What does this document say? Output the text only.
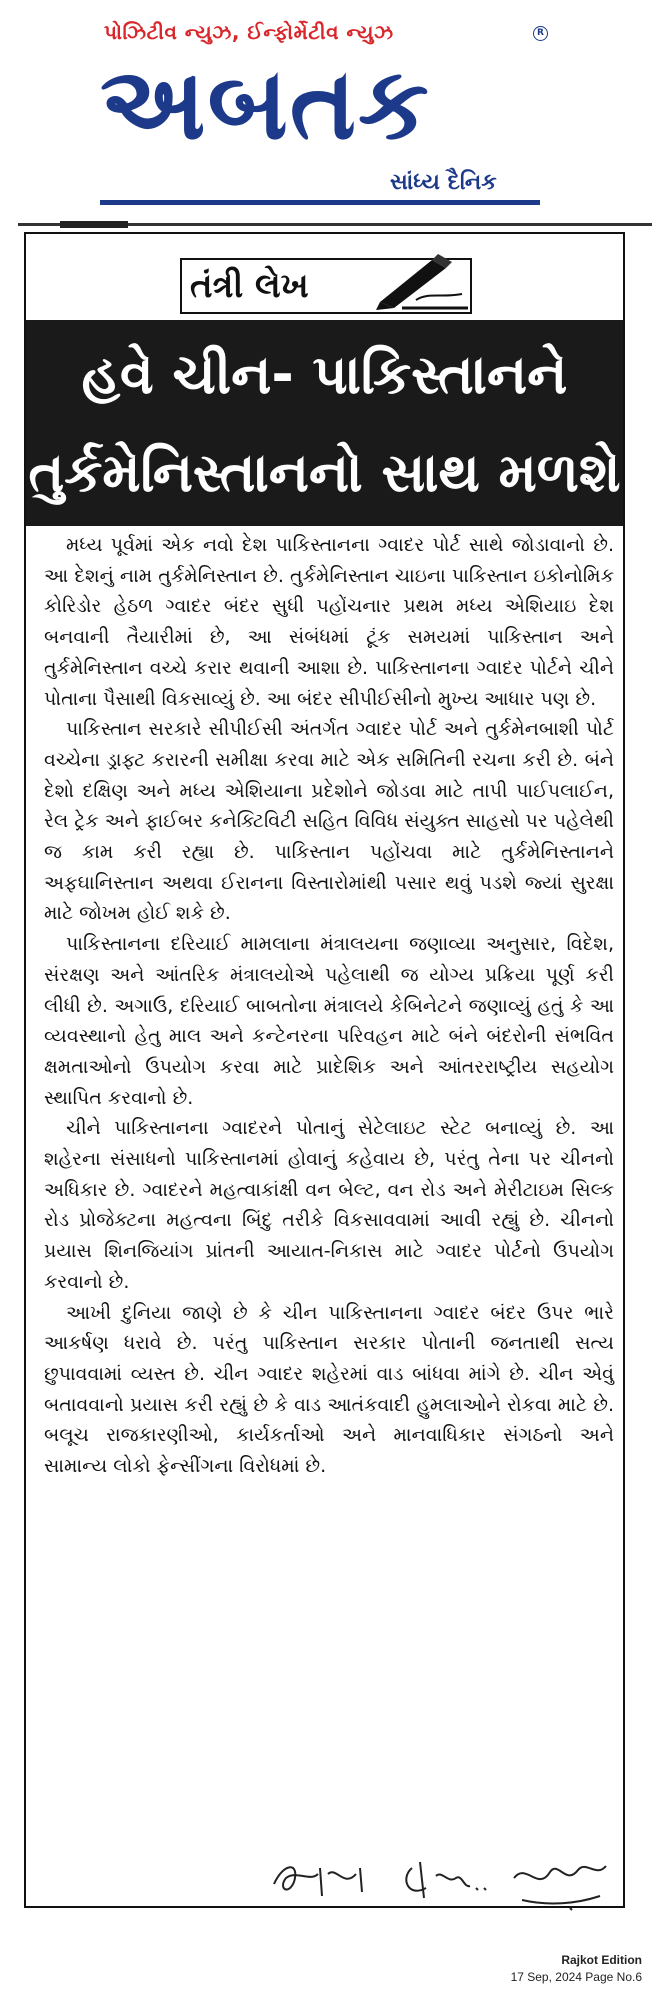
પોઝિટીવ ન્યુઝ, ઈન્ફોર્મેટીવ ન્યુઝ	R
અબતક
સાંધ્ય દૈનિક
તંત્રી લેખ
હવે ચીન- પાકિસ્તાનને
તુર્કમેનિસ્તાનનો સાથ મળશે

મધ્ય પૂર્વમાં એક નવો દેશ પાકિસ્તાનના ગ્વાદર પોર્ટ સાથે જોડાવાનો છે. આ દેશનું નામ તુર્કમેનિસ્તાન છે. તુર્કમેનિસ્તાન ચાઇના પાકિસ્તાન ઇકોનોમિક કોરિડોર હેઠળ ગ્વાદર બંદર સુધી પહોંચનાર પ્રથમ મધ્ય એશિયાઇ દેશ બનવાની તૈયારીમાં છે, આ સંબંધમાં ટૂંક સમયમાં પાકિસ્તાન અને તુર્કમેનિસ્તાન વચ્ચે કરાર થવાની આશા છે. પાકિસ્તાનના ગ્વાદર પોર્ટને ચીને પોતાના પૈસાથી વિકસાવ્યું છે. આ બંદર સીપીઈસીનો મુખ્ય આધાર પણ છે.

પાકિસ્તાન સરકારે સીપીઈસી અંતર્ગત ગ્વાદર પોર્ટ અને તુર્કમેનબાશી પોર્ટ વચ્ચેના ડ્રાફ્ટ કરારની સમીક્ષા કરવા માટે એક સમિતિની રચના કરી છે. બંને દેશો દક્ષિણ અને મધ્ય એશિયાના પ્રદેશોને જોડવા માટે તાપી પાઈપલાઈન, રેલ ટ્રેક અને ફાઈબર કનેક્ટિવિટી સહિત વિવિધ સંયુક્ત સાહસો પર પહેલેથી જ કામ કરી રહ્યા છે. પાકિસ્તાન પહોંચવા માટે તુર્કમેનિસ્તાનને અફઘાનિસ્તાન અથવા ઈરાનના વિસ્તારોમાંથી પસાર થવું પડશે જ્યાં સુરક્ષા માટે જોખમ હોઈ શકે છે.

પાકિસ્તાનના દરિયાઈ મામલાના મંત્રાલયના જણાવ્યા અનુસાર, વિદેશ, સંરક્ષણ અને આંતરિક મંત્રાલયોએ પહેલાથી જ યોગ્ય પ્રક્રિયા પૂર્ણ કરી લીધી છે. અગાઉ, દરિયાઈ બાબતોના મંત્રાલયે કેબિનેટને જણાવ્યું હતું કે આ વ્યવસ્થાનો હેતુ માલ અને કન્ટેનરના પરિવહન માટે બંને બંદરોની સંભવિત ક્ષમતાઓનો ઉપયોગ કરવા માટે પ્રાદેશિક અને આંતરરાષ્ટ્રીય સહયોગ સ્થાપિત કરવાનો છે.

ચીને પાકિસ્તાનના ગ્વાદરને પોતાનું સેટેલાઇટ સ્ટેટ બનાવ્યું છે. આ શહેરના સંસાધનો પાકિસ્તાનમાં હોવાનું કહેવાય છે, પરંતુ તેના પર ચીનનો અધિકાર છે. ગ્વાદરને મહત્વાકાંક્ષી વન બેલ્ટ, વન રોડ અને મેરીટાઇમ સિલ્ક રોડ પ્રોજેક્ટના મહત્વના બિંદુ તરીકે વિકસાવવામાં આવી રહ્યું છે. ચીનનો પ્રયાસ શિનજિયાંગ પ્રાંતની આયાત-નિકાસ માટે ગ્વાદર પોર્ટનો ઉપયોગ કરવાનો છે.

આખી દુનિયા જાણે છે કે ચીન પાકિસ્તાનના ગ્વાદર બંદર ઉપર ભારે આકર્ષણ ધરાવે છે. પરંતુ પાકિસ્તાન સરકાર પોતાની જનતાથી સત્ય છુપાવવામાં વ્યસ્ત છે. ચીન ગ્વાદર શહેરમાં વાડ બાંધવા માંગે છે. ચીન એવું બતાવવાનો પ્રયાસ કરી રહ્યું છે કે વાડ આતંકવાદી હુમલાઓને રોકવા માટે છે. બલૂચ રાજકારણીઓ, કાર્યકર્તાઓ અને માનવાધિકાર સંગઠનો અને સામાન્ય લોકો ફેન્સીંગના વિરોધમાં છે.

Rajkot Edition
17 Sep, 2024 Page No.6
